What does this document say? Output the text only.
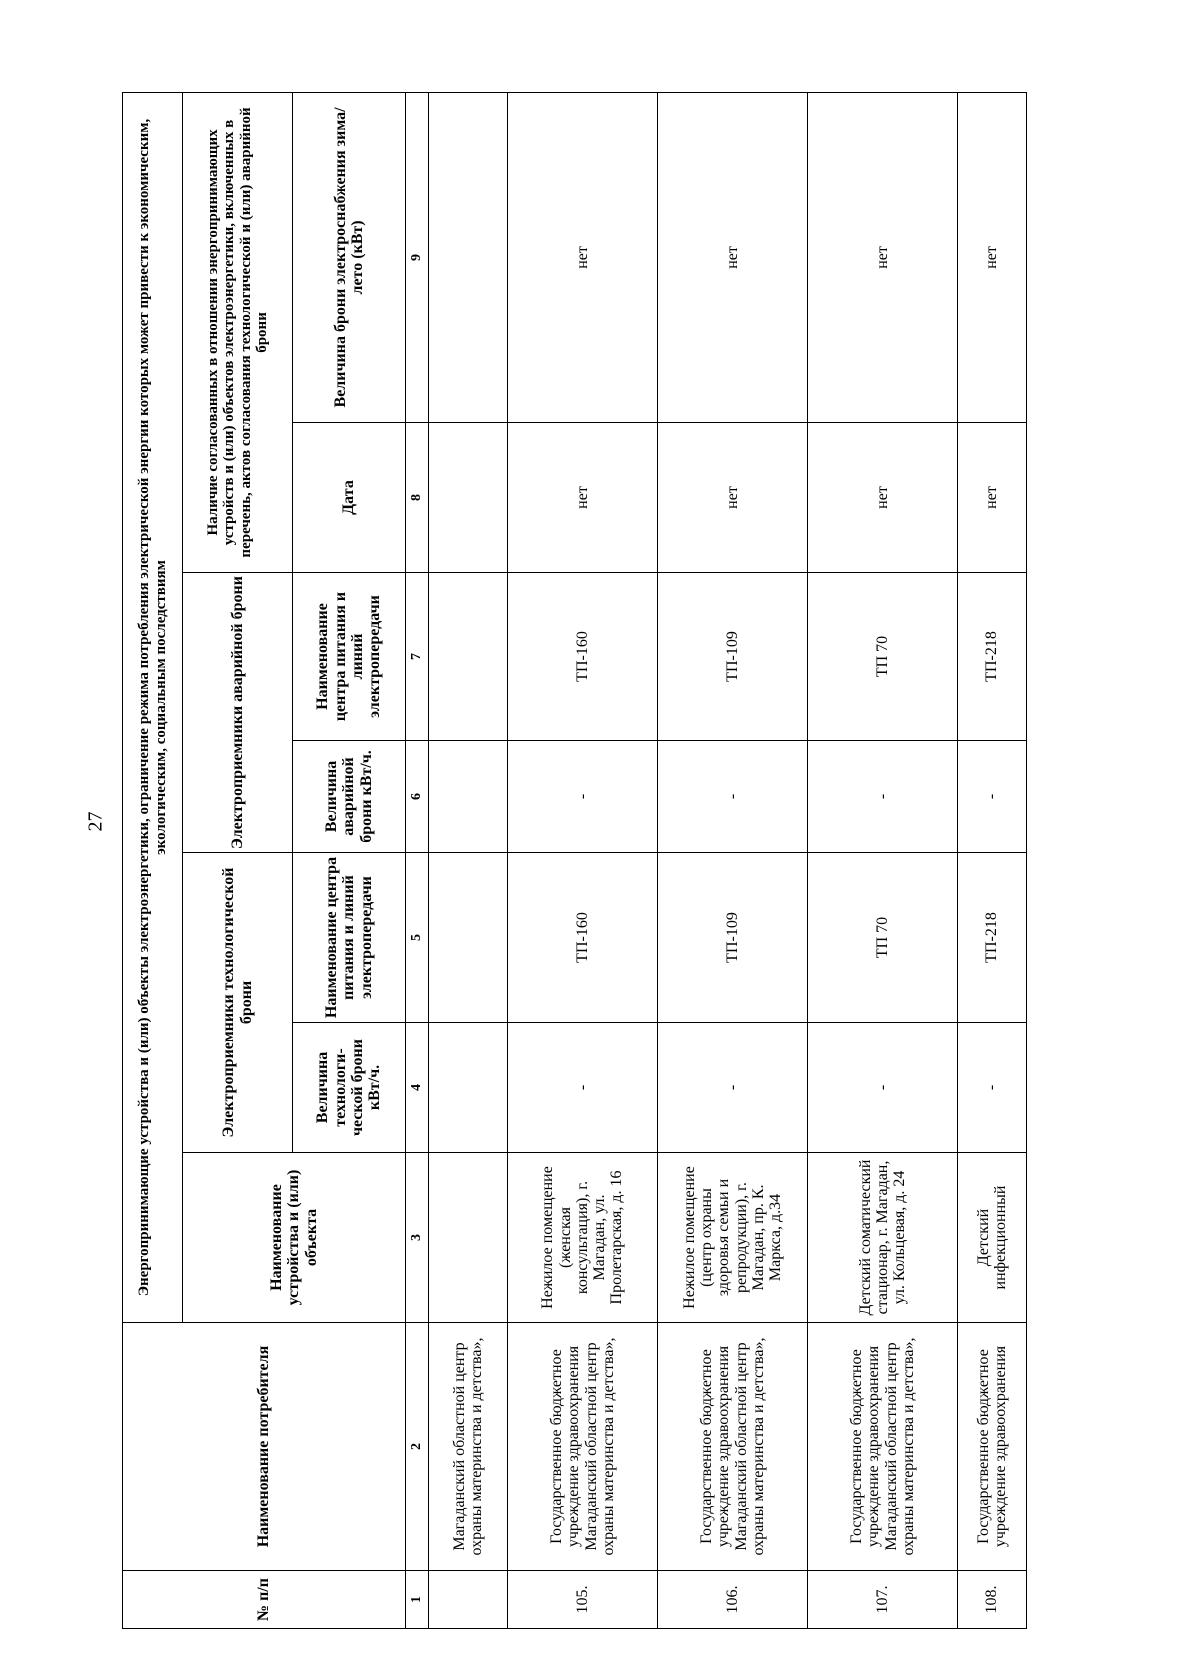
27
№ п/п	Наименование потребителя	Энергопринимающие устройства и (или) объекты электроэнергетики, ограничение режима потребления электрической энергии которых может привести к экономическим, экологическим, социальным последствиям						
		Наименование устройства и (или) объекта	Электроприемники технологической брони		Электроприемники аварийной брони		Наличие согласованных в отношении энергопринимающих устройств и (или) объектов электроэнергетики, включенных в перечень, актов согласования технологической и (или) аварийной брони	
			Величина технологи-ческой брони кВт/ч.	Наименование центра питания и линий электропередачи	Величина аварийной брони кВт/ч.	Наименование центра питания и линий электропередачи	Дата	Величина брони электроснабжения зима/лето (кВт)
1	2	3	4	5	6	7	8	9
	Магаданский областной центр охраны материнства и детства»,							
105.	Государственное бюджетное учреждение здравоохранения Магаданский областной центр охраны материнства и детства»,	Нежилое помещение (женская консультация), г. Магадан, ул. Пролетарская, д. 16	-	ТП-160	-	ТП-160	нет	нет
106.	Государственное бюджетное учреждение здравоохранения Магаданский областной центр охраны материнства и детства»,	Нежилое помещение (центр охраны здоровья семьи и репродукции), г. Магадан, пр. К. Маркса, д.34	-	ТП-109	-	ТП-109	нет	нет
107.	Государственное бюджетное учреждение здравоохранения Магаданский областной центр охраны материнства и детства»,	Детский соматический стационар, г. Магадан, ул. Кольцевая, д. 24	-	ТП 70	-	ТП 70	нет	нет
108.	Государственное бюджетное учреждение здравоохранения	Детский инфекционный	-	ТП-218	-	ТП-218	нет	нет
